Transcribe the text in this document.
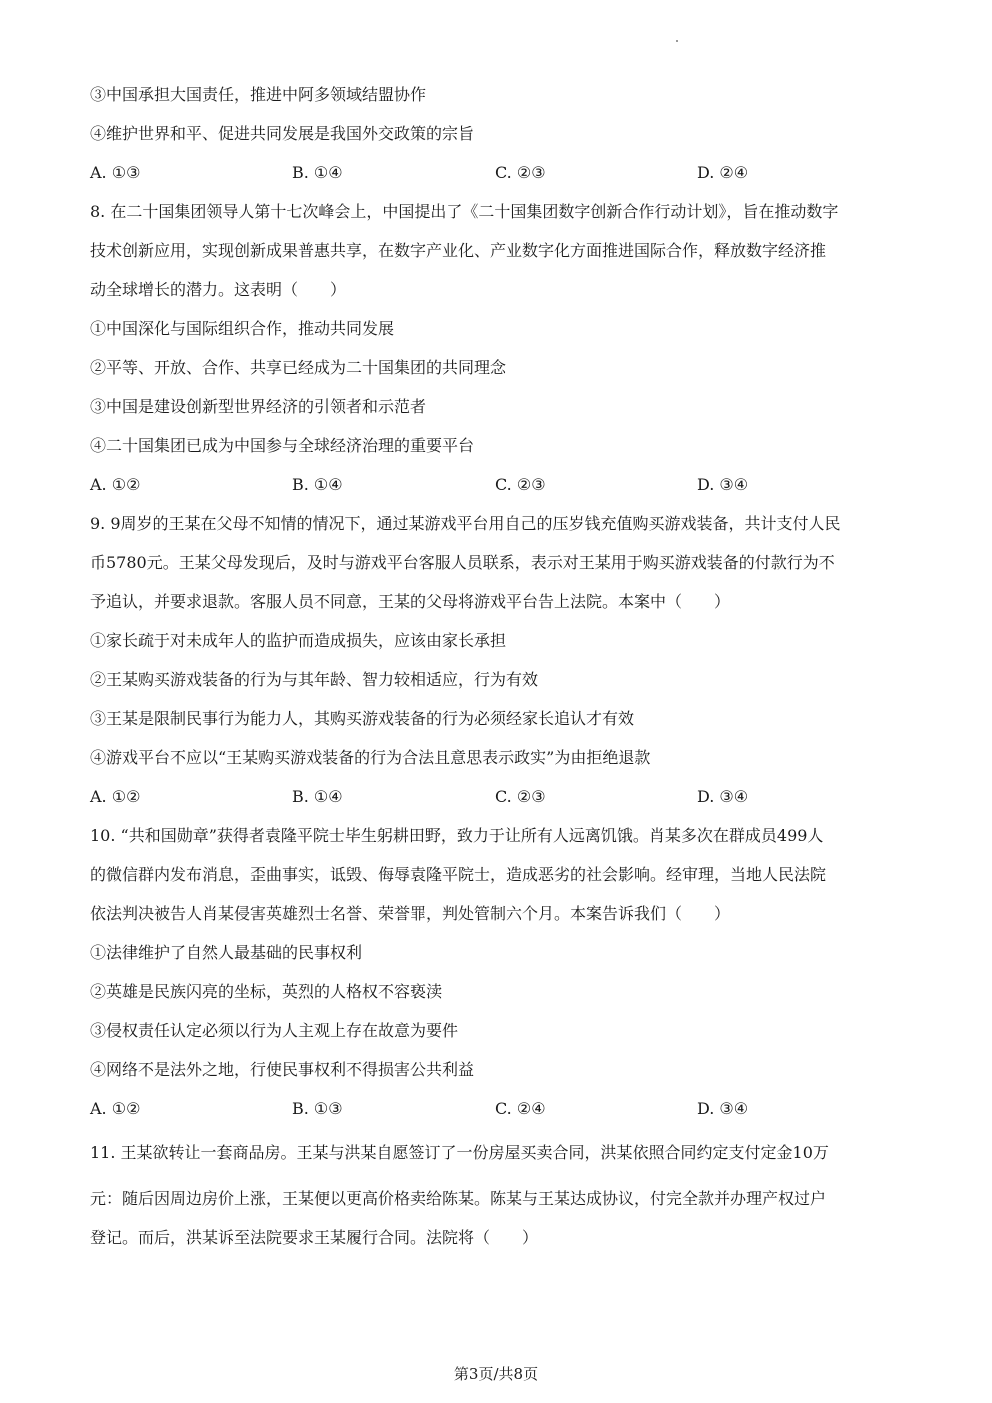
③中国承担大国责任，推进中阿多领域结盟协作
④维护世界和平、促进共同发展是我国外交政策的宗旨
A. ①③	B. ①④	C. ②③	D. ②④
8. 在二十国集团领导人第十七次峰会上，中国提出了《二十国集团数字创新合作行动计划》，旨在推动数字
技术创新应用，实现创新成果普惠共享，在数字产业化、产业数字化方面推进国际合作，释放数字经济推
动全球增长的潜力。这表明（　　）
①中国深化与国际组织合作，推动共同发展
②平等、开放、合作、共享已经成为二十国集团的共同理念
③中国是建设创新型世界经济的引领者和示范者
④二十国集团已成为中国参与全球经济治理的重要平台
A. ①②	B. ①④	C. ②③	D. ③④
9. 9周岁的王某在父母不知情的情况下，通过某游戏平台用自己的压岁钱充值购买游戏装备，共计支付人民
币5780元。王某父母发现后，及时与游戏平台客服人员联系，表示对王某用于购买游戏装备的付款行为不
予追认，并要求退款。客服人员不同意，王某的父母将游戏平台告上法院。本案中（　　）
①家长疏于对未成年人的监护而造成损失，应该由家长承担
②王某购买游戏装备的行为与其年龄、智力较相适应，行为有效
③王某是限制民事行为能力人，其购买游戏装备的行为必须经家长追认才有效
④游戏平台不应以“王某购买游戏装备的行为合法且意思表示政实”为由拒绝退款
A. ①②	B. ①④	C. ②③	D. ③④
10. “共和国勋章”获得者袁隆平院士毕生躬耕田野，致力于让所有人远离饥饿。肖某多次在群成员499人
的微信群内发布消息，歪曲事实，诋毁、侮辱袁隆平院士，造成恶劣的社会影响。经审理，当地人民法院
依法判决被告人肖某侵害英雄烈士名誉、荣誉罪，判处管制六个月。本案告诉我们（　　）
①法律维护了自然人最基础的民事权利
②英雄是民族闪亮的坐标，英烈的人格权不容亵渎
③侵权责任认定必须以行为人主观上存在故意为要件
④网络不是法外之地，行使民事权利不得损害公共利益
A. ①②	B. ①③	C. ②④	D. ③④
11. 王某欲转让一套商品房。王某与洪某自愿签订了一份房屋买卖合同，洪某依照合同约定支付定金10万
元：随后因周边房价上涨，王某便以更高价格卖给陈某。陈某与王某达成协议，付完全款并办理产权过户
登记。而后，洪某诉至法院要求王某履行合同。法院将（　　）
第3页/共8页
